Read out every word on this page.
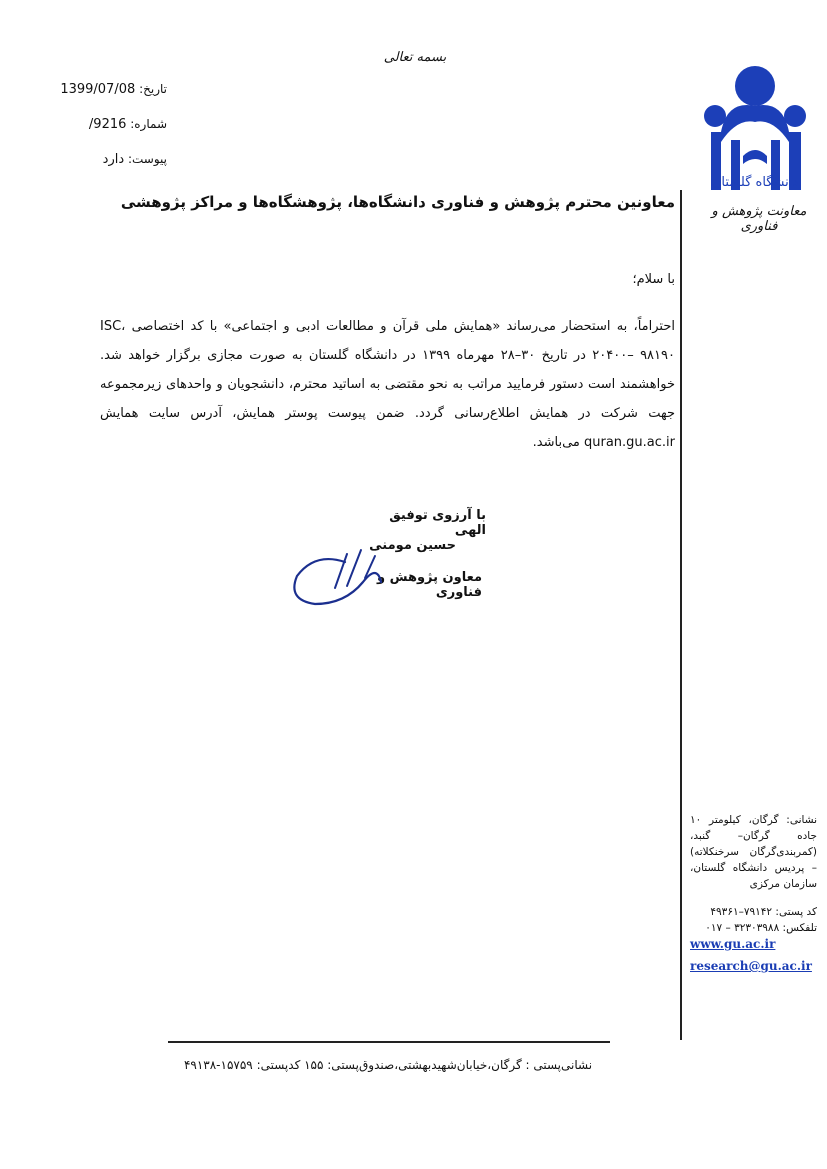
بسمه تعالی
تاریخ: 1399/07/08
شماره: 9216/
پیوست: دارد
دانشگاه گلستان
معاونت پژوهش و فناوری
معاونین محترم پژوهش و فناوری دانشگاه‌ها، پژوهشگاه‌ها و مراکز پژوهشی
با سلام؛

احتراماً، به استحضار می‌رساند «همایش ملی قرآن و مطالعات ادبی و اجتماعی» با کد اختصاصی ISC، ۲۰۴۰۰– ۹۸۱۹۰ در تاریخ ۳۰–۲۸ مهرماه ۱۳۹۹ در دانشگاه گلستان به صورت مجازی برگزار خواهد شد. خواهشمند است دستور فرمایید مراتب به نحو مقتضی به اساتید محترم، دانشجویان و واحدهای زیرمجموعه جهت شرکت در همایش اطلاع‌رسانی گردد. ضمن پیوست پوستر همایش، آدرس سایت همایش quran.gu.ac.ir می‌باشد.

با آرزوی توفیق الهی
حسین مومنی
معاون پژوهش و فناوری
نشانی: گرگان، کیلومتر ۱۰ جاده گرگان– گنبد، (کمربندی‌گرگان سرخنکلاته) – پردیس دانشگاه گلستان، سازمان مرکزی
کد پستی: ۷۹۱۴۲–۴۹۳۶۱
تلفکس: ۳۲۳۰۳۹۸۸ – ۰۱۷
www.gu.ac.ir
research@gu.ac.ir
نشانی‌پستی : گرگان،خیابان‌شهیدبهشتی،صندوق‌پستی: ۱۵۵ کدپستی: ۱۵۷۵۹-۴۹۱۳۸
